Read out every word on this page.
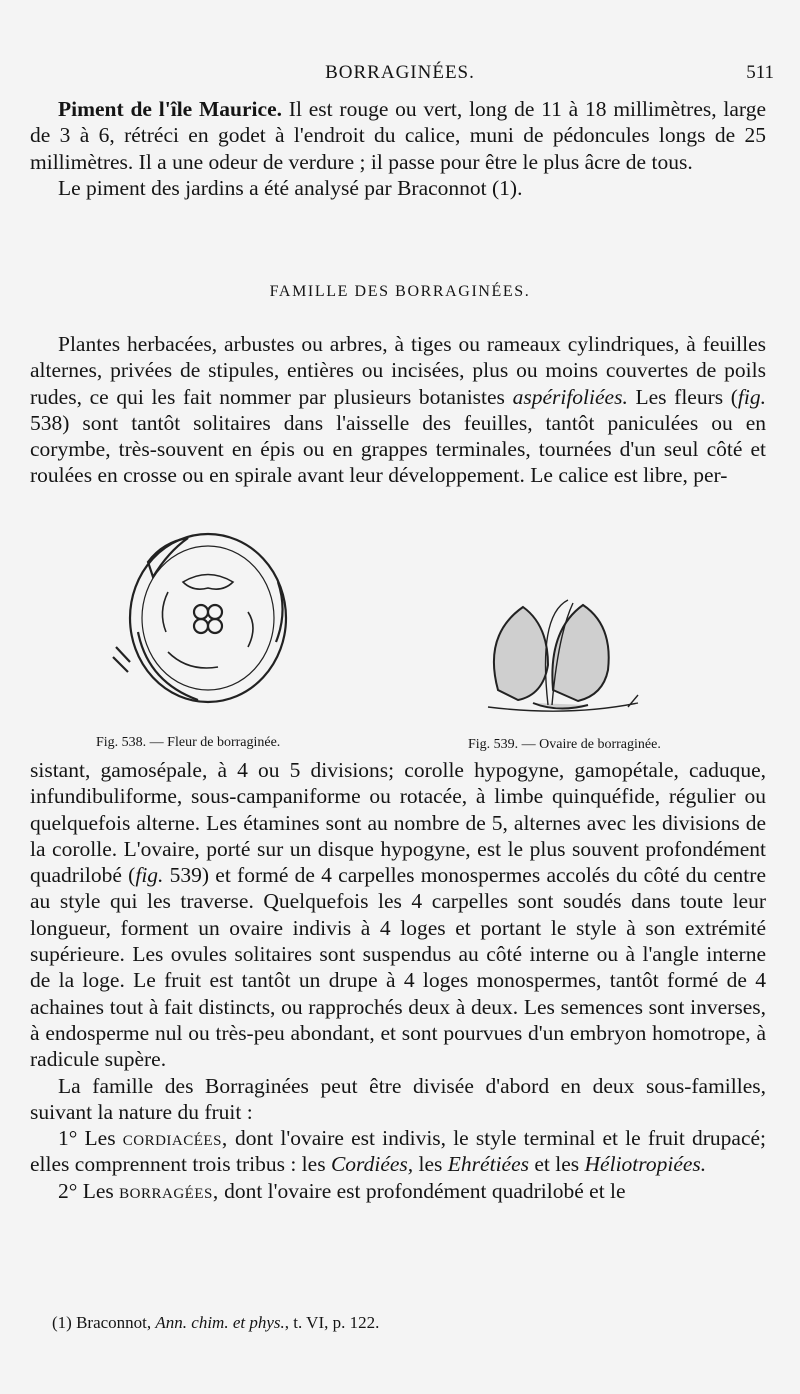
BORRAGINÉES.	511

Piment de l'île Maurice. Il est rouge ou vert, long de 11 à 18 millimètres, large de 3 à 6, rétréci en godet à l'endroit du calice, muni de pédoncules longs de 25 millimètres. Il a une odeur de verdure ; il passe pour être le plus âcre de tous.

Le piment des jardins a été analysé par Braconnot (1).

FAMILLE DES BORRAGINÉES.

Plantes herbacées, arbustes ou arbres, à tiges ou rameaux cylindriques, à feuilles alternes, privées de stipules, entières ou incisées, plus ou moins couvertes de poils rudes, ce qui les fait nommer par plusieurs botanistes aspérifoliées. Les fleurs (fig. 538) sont tantôt solitaires dans l'aisselle des feuilles, tantôt paniculées ou en corymbe, très-souvent en épis ou en grappes terminales, tournées d'un seul côté et roulées en crosse ou en spirale avant leur développement. Le calice est libre, per-

Fig. 538. — Fleur de borraginée.	Fig. 539. — Ovaire de borraginée.

sistant, gamosépale, à 4 ou 5 divisions; corolle hypogyne, gamopétale, caduque, infundibuliforme, sous-campaniforme ou rotacée, à limbe quinquéfide, régulier ou quelquefois alterne. Les étamines sont au nombre de 5, alternes avec les divisions de la corolle. L'ovaire, porté sur un disque hypogyne, est le plus souvent profondément quadrilobé (fig. 539) et formé de 4 carpelles monospermes accolés du côté du centre au style qui les traverse. Quelquefois les 4 carpelles sont soudés dans toute leur longueur, forment un ovaire indivis à 4 loges et portant le style à son extrémité supérieure. Les ovules solitaires sont suspendus au côté interne ou à l'angle interne de la loge. Le fruit est tantôt un drupe à 4 loges monospermes, tantôt formé de 4 achaines tout à fait distincts, ou rapprochés deux à deux. Les semences sont inverses, à endosperme nul ou très-peu abondant, et sont pourvues d'un embryon homotrope, à radicule supère.

La famille des Borraginées peut être divisée d'abord en deux sous-familles, suivant la nature du fruit :

1° Les cordiacées, dont l'ovaire est indivis, le style terminal et le fruit drupacé; elles comprennent trois tribus : les Cordiées, les Ehrétiées et les Héliotropiées.

2° Les borragées, dont l'ovaire est profondément quadrilobé et le

(1) Braconnot, Ann. chim. et phys., t. VI, p. 122.
